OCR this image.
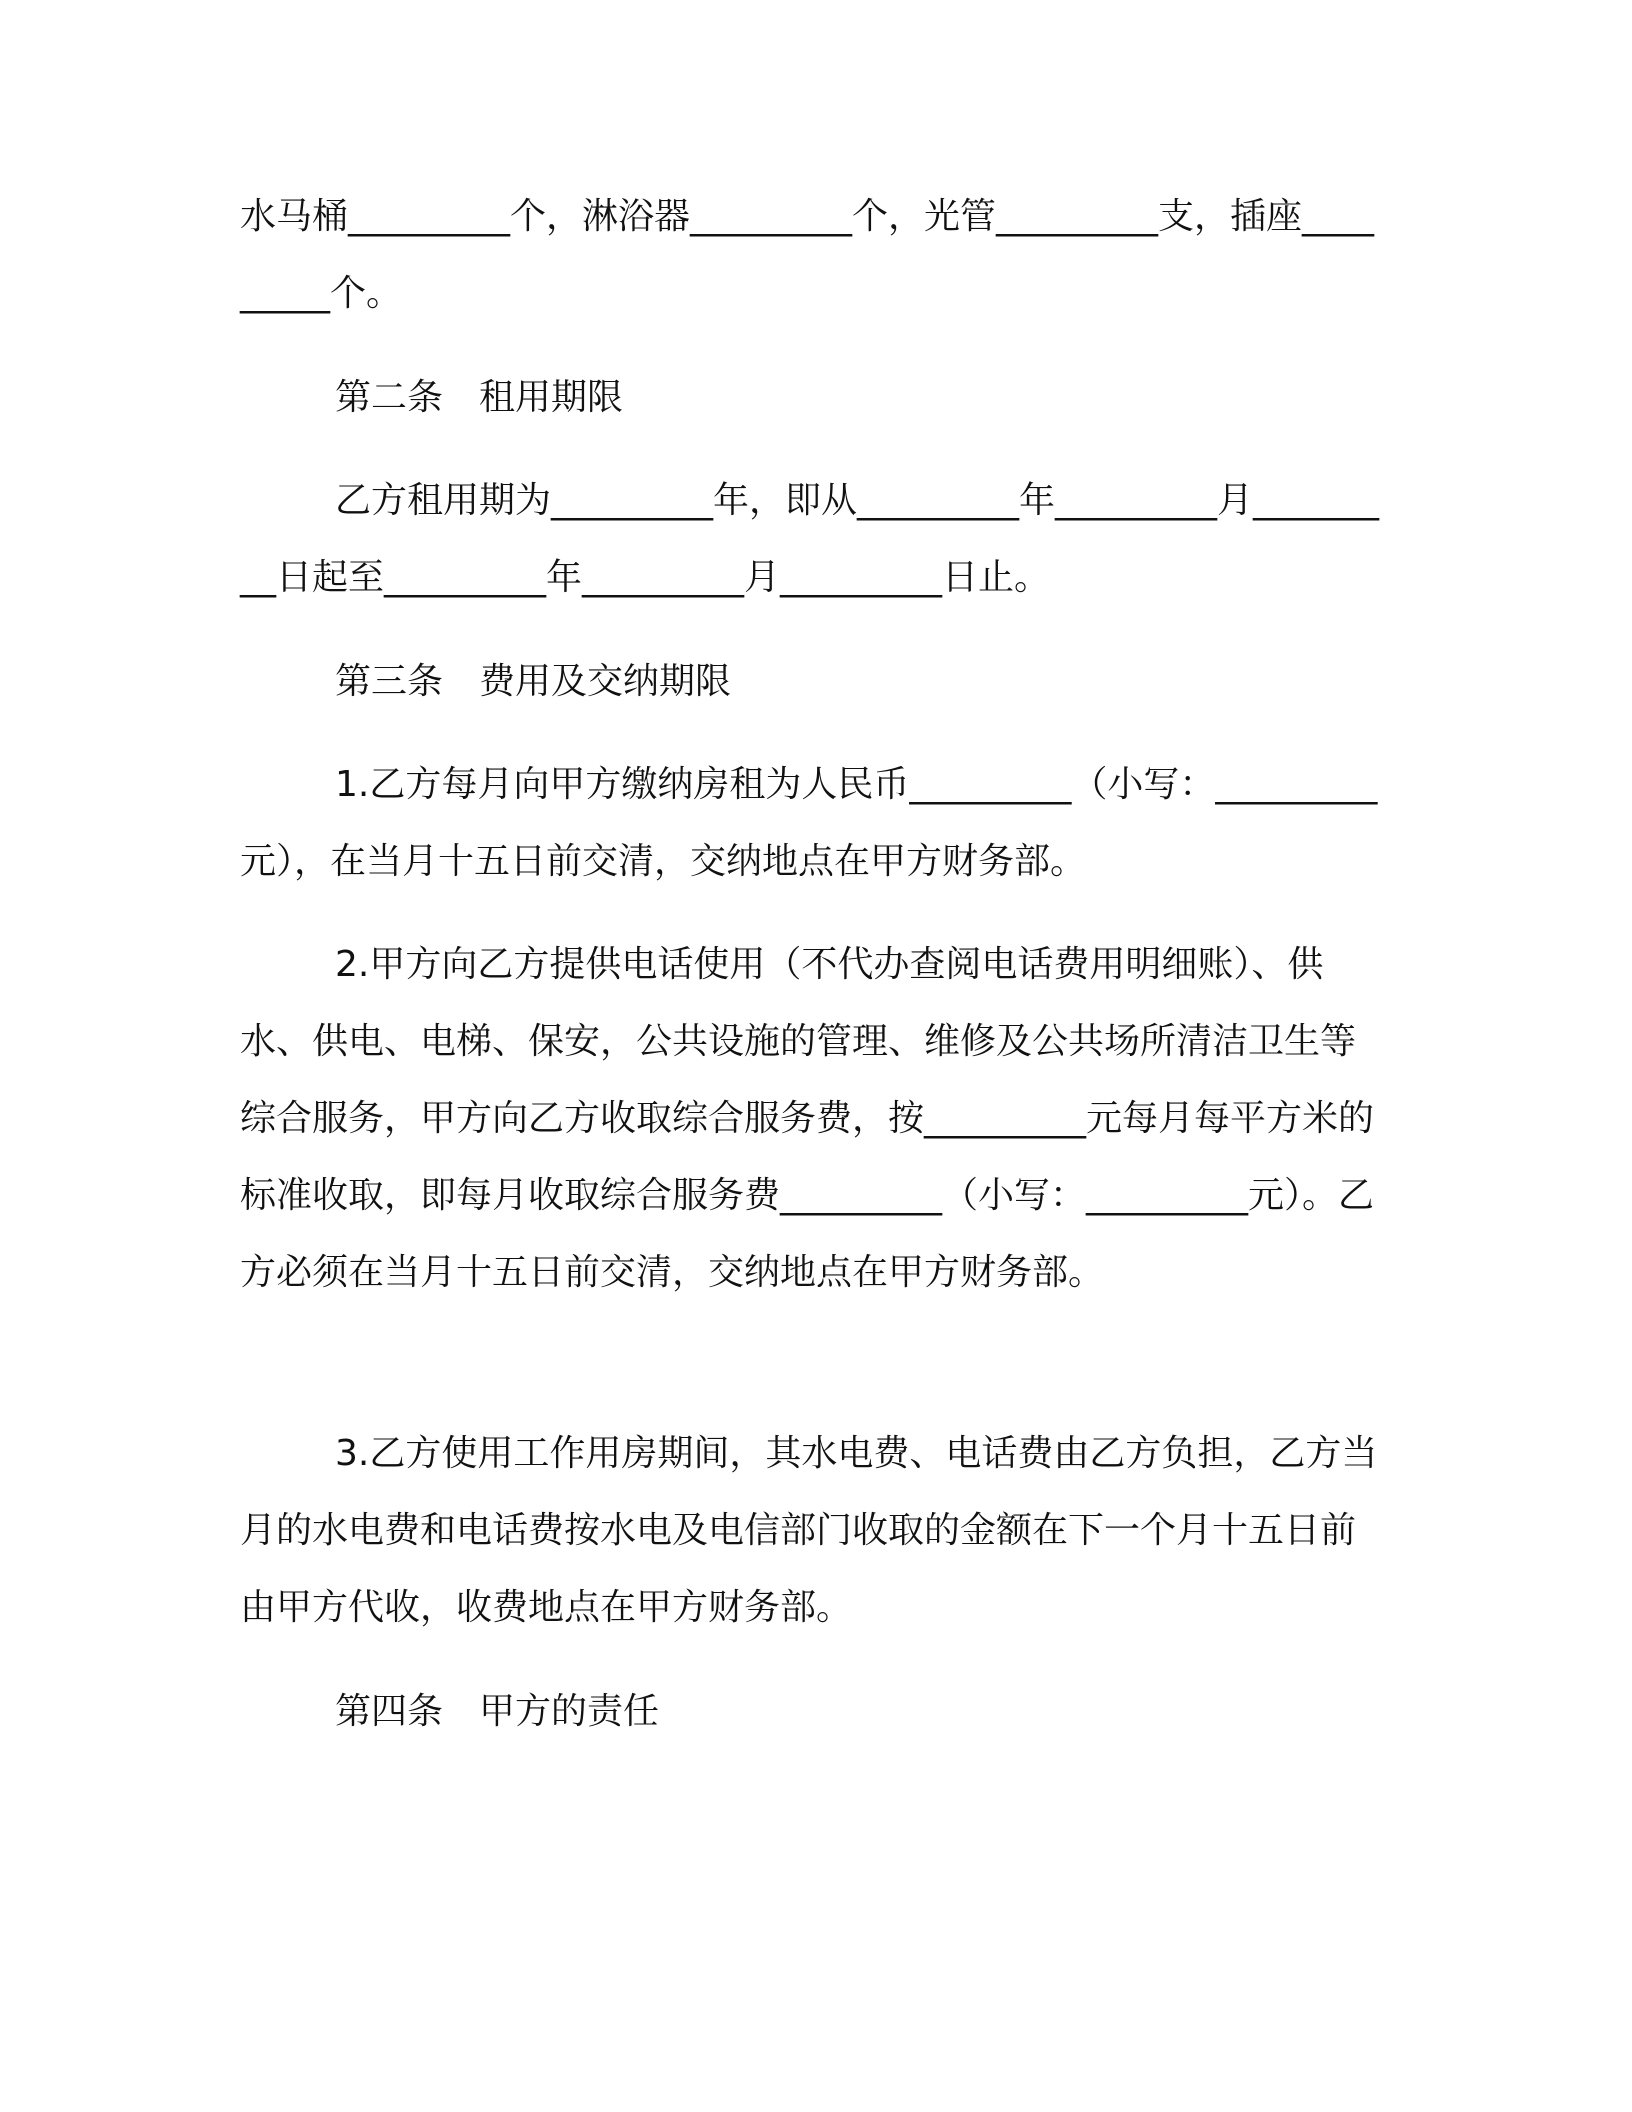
水马桶_________个，淋浴器_________个，光管_________支，插座_________个。

第二条　租用期限

乙方租用期为_________年，即从_________年_________月_________日起至_________年_________月_________日止。

第三条　费用及交纳期限

1.乙方每月向甲方缴纳房租为人民币_________（小写：_________元），在当月十五日前交清，交纳地点在甲方财务部。

2.甲方向乙方提供电话使用（不代办查阅电话费用明细账）、供水、供电、电梯、保安，公共设施的管理、维修及公共场所清洁卫生等综合服务，甲方向乙方收取综合服务费，按_________元每月每平方米的标准收取，即每月收取综合服务费_________（小写：_________元）。乙方必须在当月十五日前交清，交纳地点在甲方财务部。

3.乙方使用工作用房期间，其水电费、电话费由乙方负担，乙方当月的水电费和电话费按水电及电信部门收取的金额在下一个月十五日前由甲方代收，收费地点在甲方财务部。

第四条　甲方的责任
